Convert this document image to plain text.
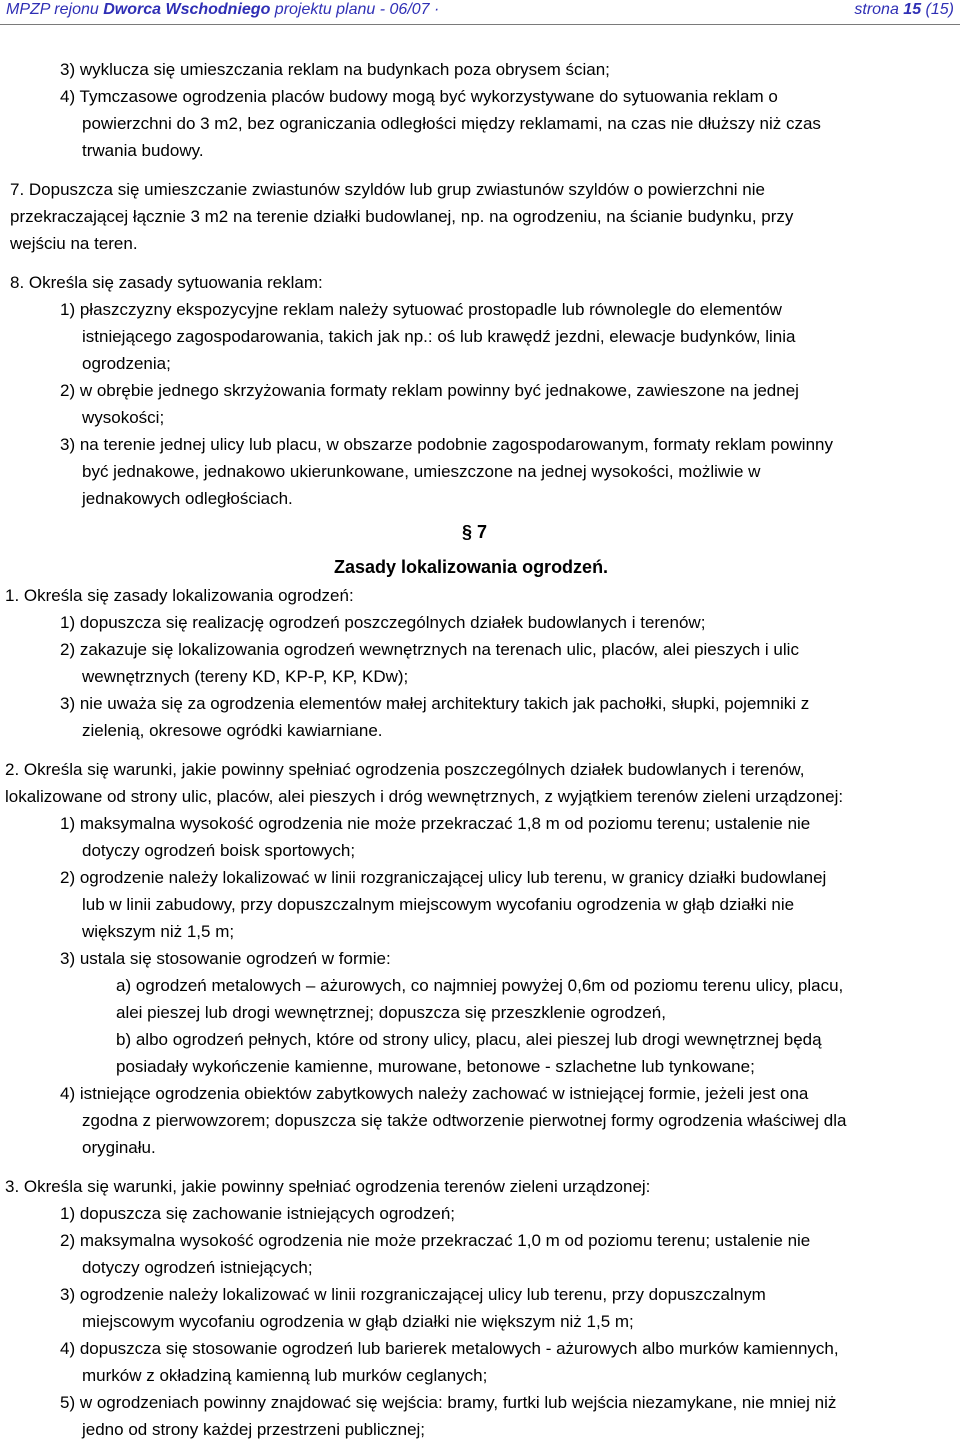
MPZP rejonu Dworca Wschodniego projektu planu - 06/07 ·	strona 15 (15)
3) wyklucza się umieszczania reklam na budynkach poza obrysem ścian;
4) Tymczasowe ogrodzenia placów budowy mogą być wykorzystywane do sytuowania reklam o
powierzchni do 3 m2, bez ograniczania odległości między reklamami, na czas nie dłuższy niż czas
trwania budowy.
7. Dopuszcza się umieszczanie zwiastunów szyldów lub grup zwiastunów szyldów o powierzchni nie
przekraczającej łącznie 3 m2 na terenie działki budowlanej, np. na ogrodzeniu, na ścianie budynku, przy
wejściu na teren.
8. Określa się zasady sytuowania reklam:
1) płaszczyzny ekspozycyjne reklam należy sytuować prostopadle lub równolegle do elementów
istniejącego zagospodarowania, takich jak np.: oś lub krawędź jezdni, elewacje budynków, linia
ogrodzenia;
2) w obrębie jednego skrzyżowania formaty reklam powinny być jednakowe, zawieszone na jednej
wysokości;
3) na terenie jednej ulicy lub placu, w obszarze podobnie zagospodarowanym, formaty reklam powinny
być jednakowe, jednakowo ukierunkowane, umieszczone na jednej wysokości, możliwie w
jednakowych odległościach.
§ 7
Zasady lokalizowania ogrodzeń.
1. Określa się zasady lokalizowania ogrodzeń:
1) dopuszcza się realizację ogrodzeń poszczególnych działek budowlanych i terenów;
2) zakazuje się lokalizowania ogrodzeń wewnętrznych na terenach ulic, placów, alei pieszych i ulic
wewnętrznych (tereny KD, KP-P, KP, KDw);
3) nie uważa się za ogrodzenia elementów małej architektury takich jak pachołki, słupki, pojemniki z
zielenią, okresowe ogródki kawiarniane.
2. Określa się warunki, jakie powinny spełniać ogrodzenia poszczególnych działek budowlanych i terenów,
lokalizowane od strony ulic, placów, alei pieszych i dróg wewnętrznych, z wyjątkiem terenów zieleni urządzonej:
1) maksymalna wysokość ogrodzenia nie może przekraczać 1,8 m od poziomu terenu; ustalenie nie
dotyczy ogrodzeń boisk sportowych;
2) ogrodzenie należy lokalizować w linii rozgraniczającej ulicy lub terenu, w granicy działki budowlanej
lub w linii zabudowy, przy dopuszczalnym miejscowym wycofaniu ogrodzenia w głąb działki nie
większym niż 1,5 m;
3) ustala się stosowanie ogrodzeń w formie:
a) ogrodzeń metalowych – ażurowych, co najmniej powyżej 0,6m od poziomu terenu ulicy, placu,
alei pieszej lub drogi wewnętrznej; dopuszcza się przeszklenie ogrodzeń,
b) albo ogrodzeń pełnych, które od strony ulicy, placu, alei pieszej lub drogi wewnętrznej będą
posiadały wykończenie kamienne, murowane, betonowe - szlachetne lub tynkowane;
4) istniejące ogrodzenia obiektów zabytkowych należy zachować w istniejącej formie, jeżeli jest ona
zgodna z pierwowzorem; dopuszcza się także odtworzenie pierwotnej formy ogrodzenia właściwej dla
oryginału.
3. Określa się warunki, jakie powinny spełniać ogrodzenia terenów zieleni urządzonej:
1) dopuszcza się zachowanie istniejących ogrodzeń;
2) maksymalna wysokość ogrodzenia nie może przekraczać 1,0 m od poziomu terenu; ustalenie nie
dotyczy ogrodzeń istniejących;
3) ogrodzenie należy lokalizować w linii rozgraniczającej ulicy lub terenu, przy dopuszczalnym
miejscowym wycofaniu ogrodzenia w głąb działki nie większym niż 1,5 m;
4) dopuszcza się stosowanie ogrodzeń lub barierek metalowych - ażurowych albo murków kamiennych,
murków z okładziną kamienną lub murków ceglanych;
5) w ogrodzeniach powinny znajdować się wejścia: bramy, furtki lub wejścia niezamykane, nie mniej niż
jedno od strony każdej przestrzeni publicznej;
